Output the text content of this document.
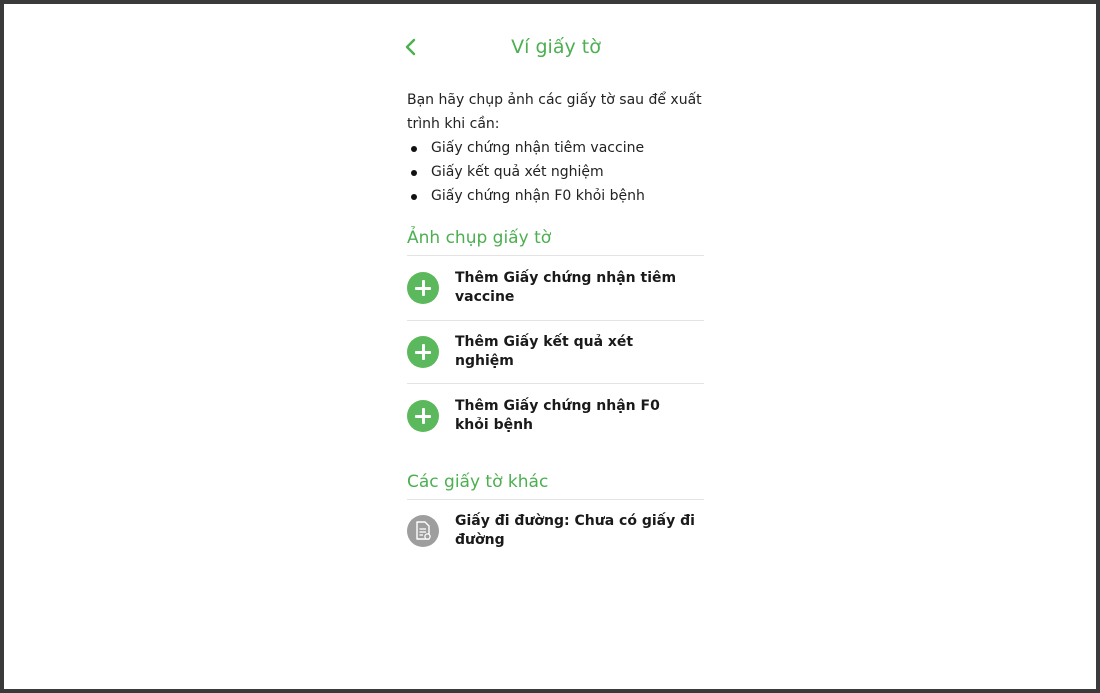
Ví giấy tờ
Bạn hãy chụp ảnh các giấy tờ sau để xuất trình khi cần:
Giấy chứng nhận tiêm vaccine
Giấy kết quả xét nghiệm
Giấy chứng nhận F0 khỏi bệnh
Ảnh chụp giấy tờ
Thêm Giấy chứng nhận tiêm vaccine
Thêm Giấy kết quả xét nghiệm
Thêm Giấy chứng nhận F0 khỏi bệnh
Các giấy tờ khác
Giấy đi đường: Chưa có giấy đi đường
